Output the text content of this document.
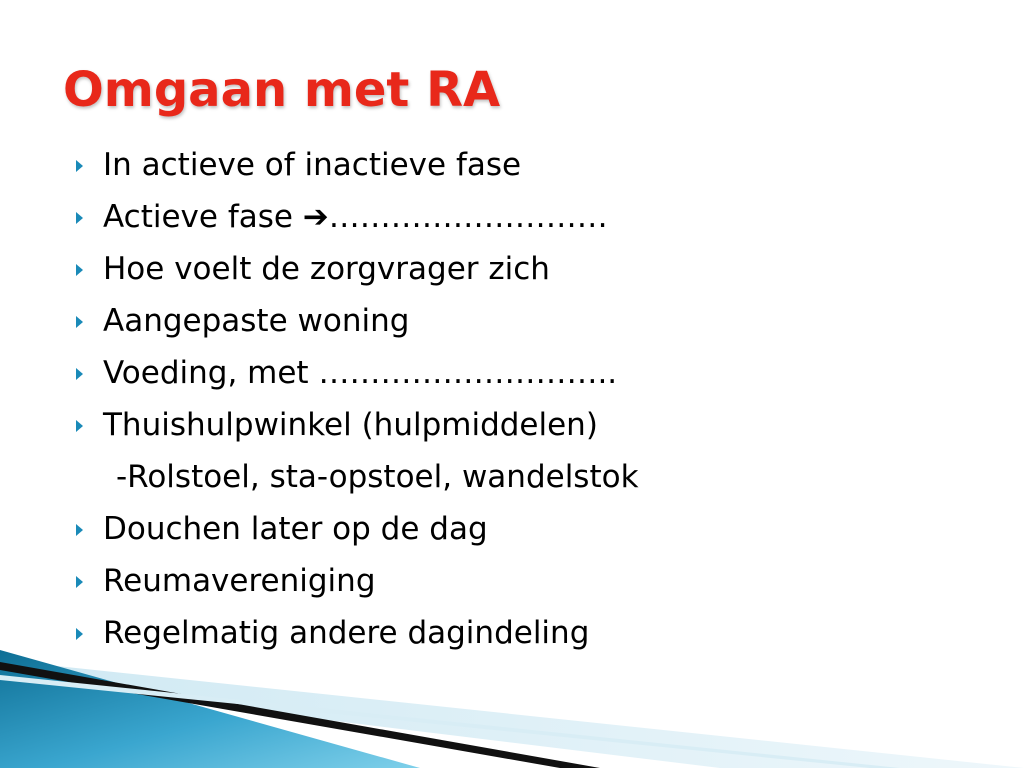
Omgaan met RA
In actieve of inactieve fase
Actieve fase ➔………………………
Hoe voelt de zorgvrager zich
Aangepaste woning
Voeding, met ………………………..
Thuishulpwinkel (hulpmiddelen)
-Rolstoel, sta-opstoel, wandelstok
Douchen later op de dag
Reumavereniging
Regelmatig andere dagindeling
